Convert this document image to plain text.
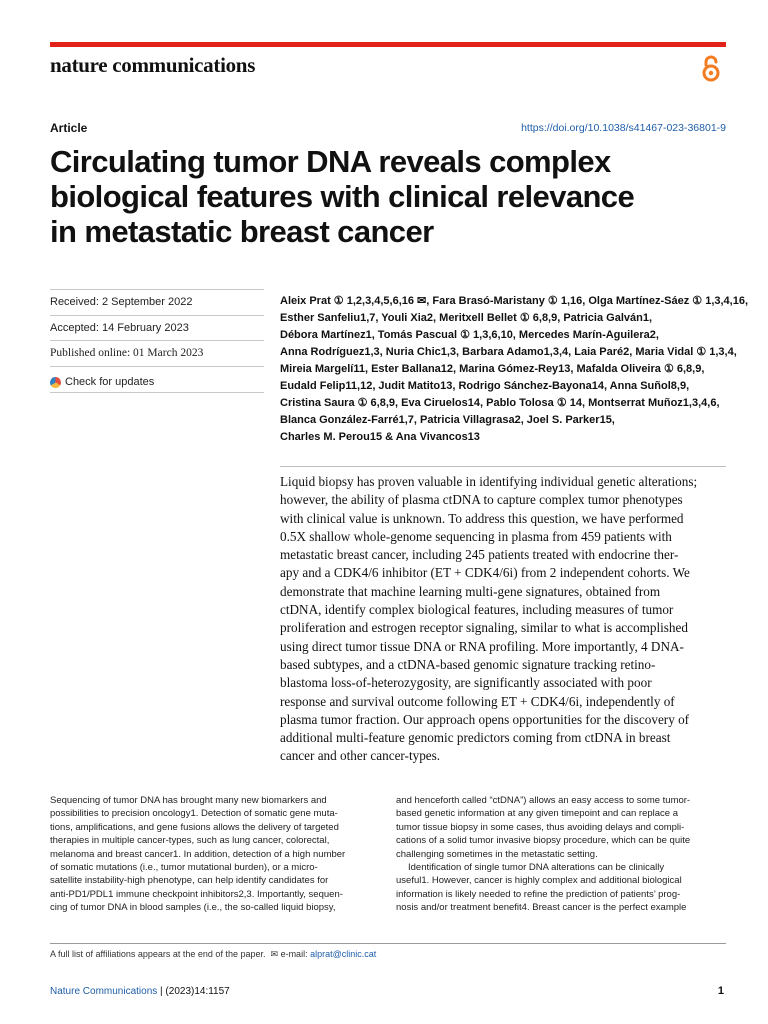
nature communications
Article	https://doi.org/10.1038/s41467-023-36801-9
Circulating tumor DNA reveals complex
biological features with clinical relevance
in metastatic breast cancer
Received: 2 September 2022
Accepted: 14 February 2023
Published online: 01 March 2023
Check for updates
Aleix Prat ① 1,2,3,4,5,6,16 ✉, Fara Brasó-Maristany ① 1,16, Olga Martínez-Sáez ① 1,3,4,16,
Esther Sanfeliu1,7, Youli Xia2, Meritxell Bellet ① 6,8,9, Patricia Galván1,
Débora Martínez1, Tomás Pascual ① 1,3,6,10, Mercedes Marín-Aguilera2,
Anna Rodríguez1,3, Nuria Chic1,3, Barbara Adamo1,3,4, Laia Paré2, Maria Vidal ① 1,3,4,
Mireia Margelí11, Ester Ballana12, Marina Gómez-Rey13, Mafalda Oliveira ① 6,8,9,
Eudald Felip11,12, Judit Matito13, Rodrigo Sánchez-Bayona14, Anna Suñol8,9,
Cristina Saura ① 6,8,9, Eva Ciruelos14, Pablo Tolosa ① 14, Montserrat Muñoz1,3,4,6,
Blanca González-Farré1,7, Patricia Villagrasa2, Joel S. Parker15,
Charles M. Perou15 & Ana Vivancos13
Liquid biopsy has proven valuable in identifying individual genetic alterations;
however, the ability of plasma ctDNA to capture complex tumor phenotypes
with clinical value is unknown. To address this question, we have performed
0.5X shallow whole-genome sequencing in plasma from 459 patients with
metastatic breast cancer, including 245 patients treated with endocrine ther-
apy and a CDK4/6 inhibitor (ET + CDK4/6i) from 2 independent cohorts. We
demonstrate that machine learning multi-gene signatures, obtained from
ctDNA, identify complex biological features, including measures of tumor
proliferation and estrogen receptor signaling, similar to what is accomplished
using direct tumor tissue DNA or RNA profiling. More importantly, 4 DNA-
based subtypes, and a ctDNA-based genomic signature tracking retino-
blastoma loss-of-heterozygosity, are significantly associated with poor
response and survival outcome following ET + CDK4/6i, independently of
plasma tumor fraction. Our approach opens opportunities for the discovery of
additional multi-feature genomic predictors coming from ctDNA in breast
cancer and other cancer-types.
Sequencing of tumor DNA has brought many new biomarkers and
possibilities to precision oncology1. Detection of somatic gene muta-
tions, amplifications, and gene fusions allows the delivery of targeted
therapies in multiple cancer-types, such as lung cancer, colorectal,
melanoma and breast cancer1. In addition, detection of a high number
of somatic mutations (i.e., tumor mutational burden), or a micro-
satellite instability-high phenotype, can help identify candidates for
anti-PD1/PDL1 immune checkpoint inhibitors2,3. Importantly, sequen-
cing of tumor DNA in blood samples (i.e., the so-called liquid biopsy,
and henceforth called “ctDNA”) allows an easy access to some tumor-
based genetic information at any given timepoint and can replace a
tumor tissue biopsy in some cases, thus avoiding delays and compli-
cations of a solid tumor invasive biopsy procedure, which can be quite
challenging sometimes in the metastatic setting.
Identification of single tumor DNA alterations can be clinically
useful1. However, cancer is highly complex and additional biological
information is likely needed to refine the prediction of patients’ prog-
nosis and/or treatment benefit4. Breast cancer is the perfect example
A full list of affiliations appears at the end of the paper.  ✉ e-mail: alprat@clinic.cat
Nature Communications | (2023)14:1157	1
